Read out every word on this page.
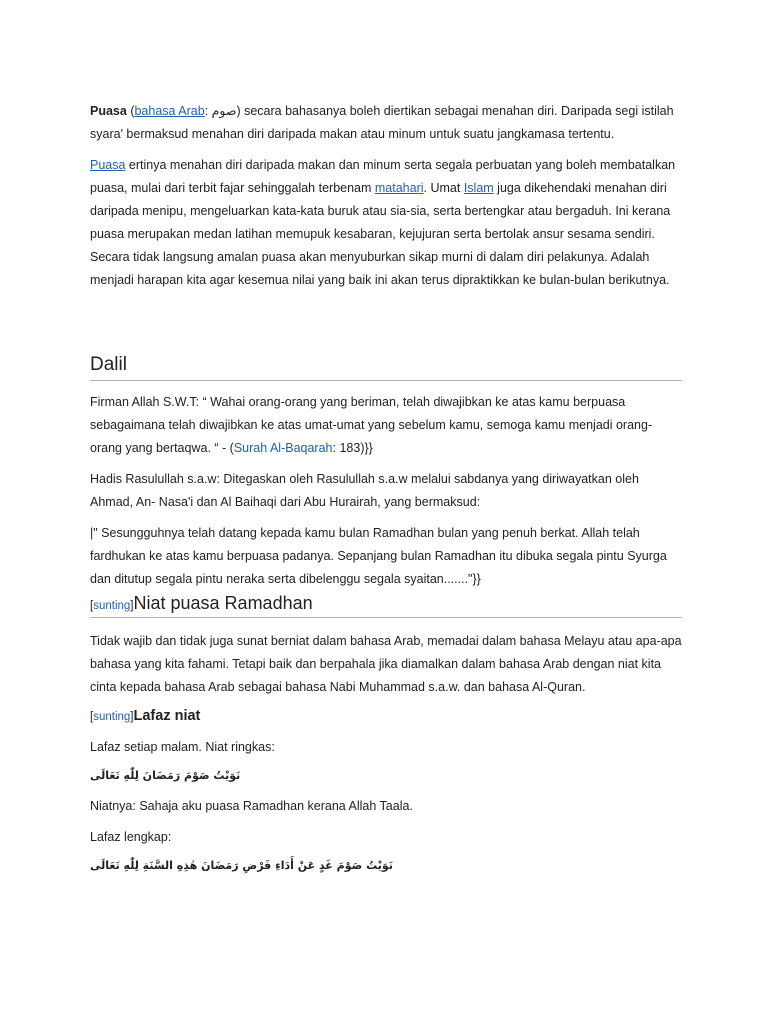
Puasa (bahasa Arab: صوم) secara bahasanya boleh diertikan sebagai menahan diri. Daripada segi istilah syara' bermaksud menahan diri daripada makan atau minum untuk suatu jangkamasa tertentu.

Puasa ertinya menahan diri daripada makan dan minum serta segala perbuatan yang boleh membatalkan puasa, mulai dari terbit fajar sehinggalah terbenam matahari. Umat Islam juga dikehendaki menahan diri daripada menipu, mengeluarkan kata-kata buruk atau sia-sia, serta bertengkar atau bergaduh. Ini kerana puasa merupakan medan latihan memupuk kesabaran, kejujuran serta bertolak ansur sesama sendiri. Secara tidak langsung amalan puasa akan menyuburkan sikap murni di dalam diri pelakunya. Adalah menjadi harapan kita agar kesemua nilai yang baik ini akan terus dipraktikkan ke bulan-bulan berikutnya.

Dalil

Firman Allah S.W.T: “ Wahai orang-orang yang beriman, telah diwajibkan ke atas kamu berpuasa sebagaimana telah diwajibkan ke atas umat-umat yang sebelum kamu, semoga kamu menjadi orang-orang yang bertaqwa. “ - (Surah Al-Baqarah: 183)}}

Hadis Rasulullah s.a.w: Ditegaskan oleh Rasulullah s.a.w melalui sabdanya yang diriwayatkan oleh Ahmad, An- Nasa'i dan Al Baihaqi dari Abu Hurairah, yang bermaksud:

|" Sesungguhnya telah datang kepada kamu bulan Ramadhan bulan yang penuh berkat. Allah telah fardhukan ke atas kamu berpuasa padanya. Sepanjang bulan Ramadhan itu dibuka segala pintu Syurga dan ditutup segala pintu neraka serta dibelenggu segala syaitan......."}}

[sunting]Niat puasa Ramadhan

Tidak wajib dan tidak juga sunat berniat dalam bahasa Arab, memadai dalam bahasa Melayu atau apa-apa bahasa yang kita fahami. Tetapi baik dan berpahala jika diamalkan dalam bahasa Arab dengan niat kita cinta kepada bahasa Arab sebagai bahasa Nabi Muhammad s.a.w. dan bahasa Al-Quran.

[sunting]Lafaz niat

Lafaz setiap malam. Niat ringkas:

نَوَيْتُ صَوْمَ رَمَضَانَ لِلّٰهِ تَعَالَى

Niatnya: Sahaja aku puasa Ramadhan kerana Allah Taala.

Lafaz lengkap:

نَوَيْتُ صَوْمَ غَدٍ عَنْ أَدَاءِ فَرْضِ رَمَضَانَ هٰذِهِ السَّنَةِ لِلّٰهِ تَعَالَى
